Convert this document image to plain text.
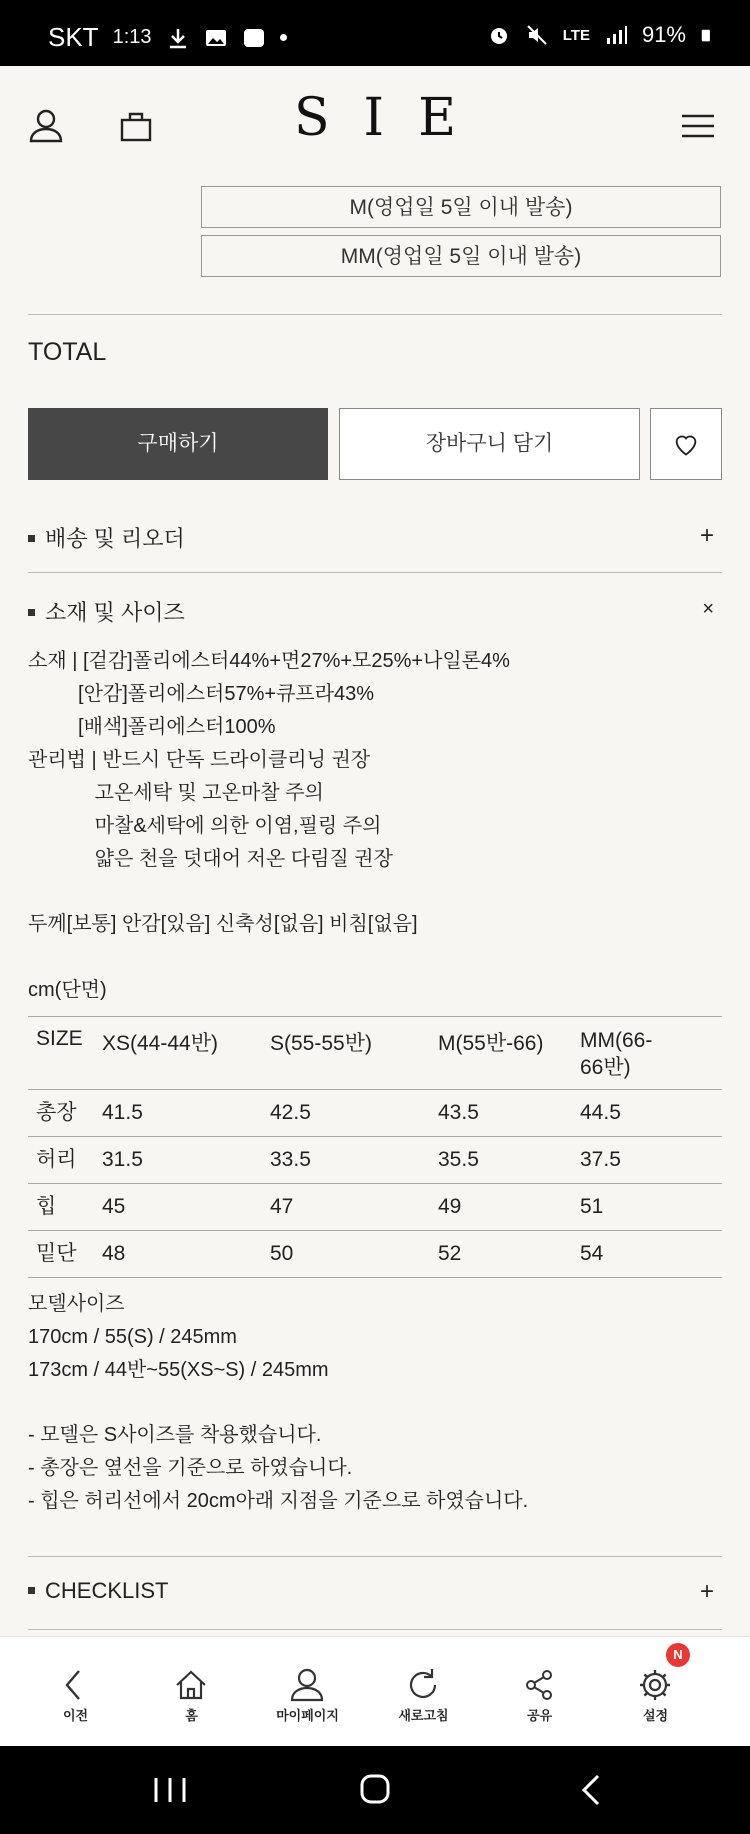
SKT 1:13	LTE 91%
SIE
M(영업일 5일 이내 발송)
MM(영업일 5일 이내 발송)
TOTAL
구매하기	장바구니 담기
배송 및 리오더	+
소재 및 사이즈	×
소재 | [겉감]폴리에스터44%+면27%+모25%+나일론4%
[안감]폴리에스터57%+큐프라43%
[배색]폴리에스터100%
관리법 | 반드시 단독 드라이클리닝 권장
고온세탁 및 고온마찰 주의
마찰&세탁에 의한 이염,필링 주의
얇은 천을 덧대어 저온 다림질 권장
두께[보통] 안감[있음] 신축성[없음] 비침[없음]
cm(단면)
SIZE	XS(44-44반)	S(55-55반)	M(55반-66)	MM(66-
66반)
총장	41.5	42.5	43.5	44.5
허리	31.5	33.5	35.5	37.5
힙	45	47	49	51
밑단	48	50	52	54
모델사이즈
170cm / 55(S) / 245mm
173cm / 44반~55(XS~S) / 245mm
- 모델은 S사이즈를 착용했습니다.
- 총장은 옆선을 기준으로 하였습니다.
- 힙은 허리선에서 20cm아래 지점을 기준으로 하였습니다.
CHECKLIST	+
이전	홈	마이페이지	새로고침	공유	설정
N
